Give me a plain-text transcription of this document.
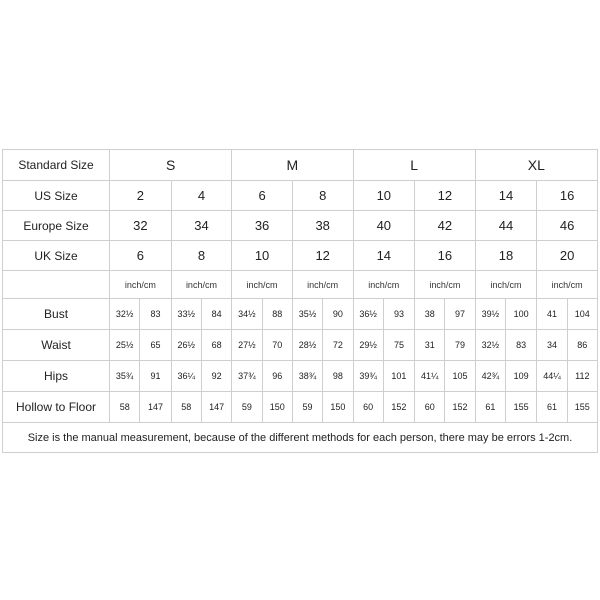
Standard Size	S				M				L				XL			
US Size	2		4		6		8		10		12		14		16	
Europe Size	32		34		36		38		40		42		44		46	
UK Size	6		8		10		12		14		16		18		20	
	inch/cm		inch/cm		inch/cm		inch/cm		inch/cm		inch/cm		inch/cm		inch/cm	
Bust	32½	83	33½	84	34½	88	35½	90	36½	93	38	97	39½	100	41	104
Waist	25½	65	26½	68	27½	70	28½	72	29½	75	31	79	32½	83	34	86
Hips	35¾	91	36¼	92	37¾	96	38¾	98	39¾	101	41¼	105	42¾	109	44¼	112
Hollow to Floor	58	147	58	147	59	150	59	150	60	152	60	152	61	155	61	155
Size is the manual measurement, because of the different methods for each person, there may be errors 1-2cm.																
